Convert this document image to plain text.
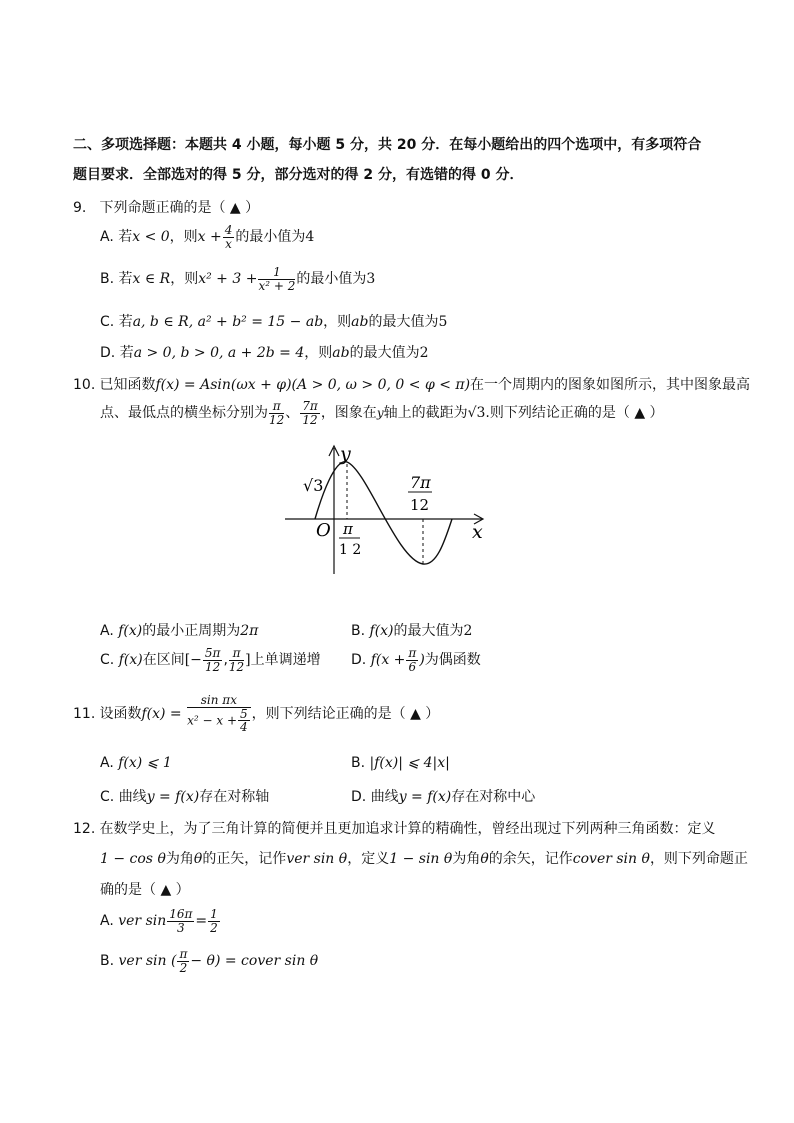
二、多项选择题：本题共 4 小题，每小题 5 分，共 20 分．在每小题给出的四个选项中，有多项符合
题目要求．全部选对的得 5 分，部分选对的得 2 分，有选错的得 0 分．
9. 下列命题正确的是（ ▲ ）
A. 若x < 0，则$x + \frac{4}{x}$ 的最小值为4
B. 若x ∈ R，则$x^2 + 3 + \frac{1}{\text{x² + 2}}$ 的最小值为3
C. 若a, b ∈ R, a² + b² = 15 − ab，则ab的最大值为5
D. 若a > 0, b > 0, a + 2b = 4，则ab的最大值为2
10. 已知函数f(x) = Asin(ωx + φ)(A > 0, ω > 0, 0 < φ < π)在一个周期内的图象如图所示，其中图象最高
点、最低点的横坐标分别为 $\frac{\pi}{12}$ 、 $\frac{7\pi}{12}$ ，图象在y轴上的截距为√3.则下列结论正确的是（ ▲ ）
y
x
O
√3
π
1 2
7π
12
A. f(x)的最小正周期为2π	B. f(x)的最大值为2
C. f(x)在区间[− $\frac{5\pi}{12}$ , $\frac{\pi}{12}$ ]上单调递增 D. $f(x + \frac{\pi}{6}$ )为偶函数
11. 设函数$f(x) = \frac{\text{sin πx}}{x^2 - x + \frac{5}{4}}$ ，则下列结论正确的是（ ▲ ）
A. f(x) ⩽ 1	B. |f(x)| ⩽ 4|x|
C. 曲线y = f(x)存在对称轴	D. 曲线y = f(x)存在对称中心
12. 在数学史上，为了三角计算的简便并且更加追求计算的精确性，曾经出现过下列两种三角函数：定义
1 − cos θ为角θ的正矢，记作ver sin θ，定义1 − sin θ为角θ的余矢，记作cover sin θ，则下列命题正
确的是（ ▲ ）
A. ver $\sin \frac{16\pi}{3} = \frac{1}{2}$
B. ver sin ( $\frac{\pi}{2} - \theta$) = cover sin θ
